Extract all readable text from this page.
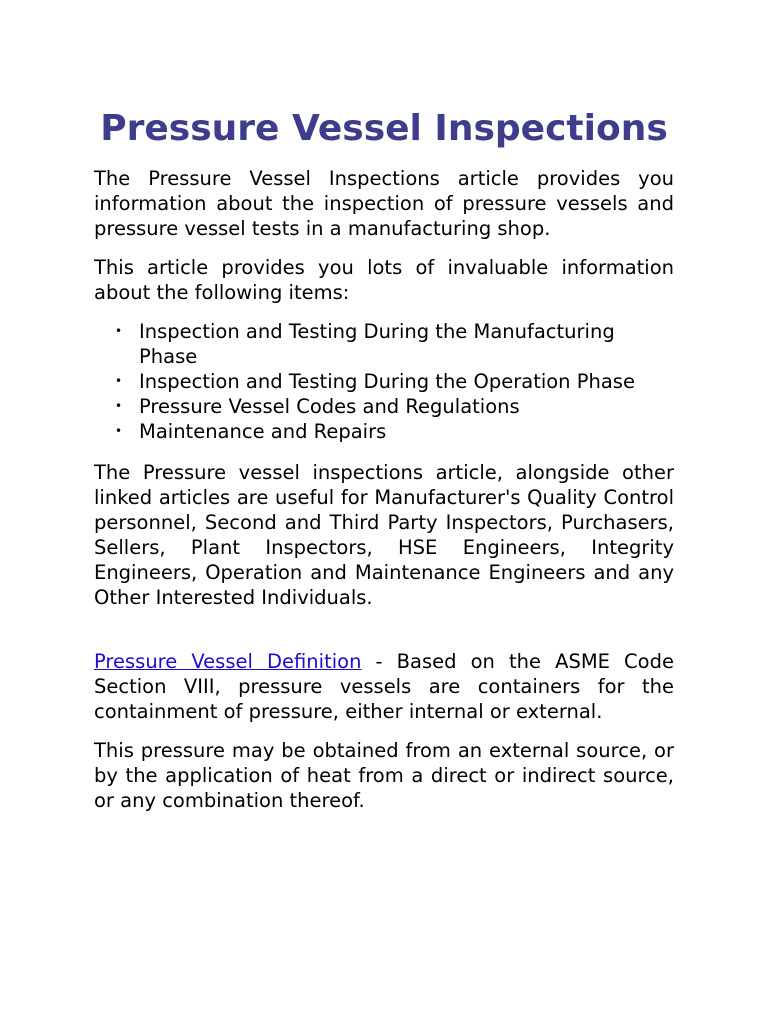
Pressure Vessel Inspections

The Pressure Vessel Inspections article provides you information about the inspection of pressure vessels and pressure vessel tests in a manufacturing shop.

This article provides you lots of invaluable information about the following items:

• Inspection and Testing During the Manufacturing Phase
• Inspection and Testing During the Operation Phase
• Pressure Vessel Codes and Regulations
• Maintenance and Repairs

The Pressure vessel inspections article, alongside other linked articles are useful for Manufacturer's Quality Control personnel, Second and Third Party Inspectors, Purchasers, Sellers, Plant Inspectors, HSE Engineers, Integrity Engineers, Operation and Maintenance Engineers and any Other Interested Individuals.

Pressure Vessel Definition - Based on the ASME Code Section VIII, pressure vessels are containers for the containment of pressure, either internal or external.

This pressure may be obtained from an external source, or by the application of heat from a direct or indirect source, or any combination thereof.
